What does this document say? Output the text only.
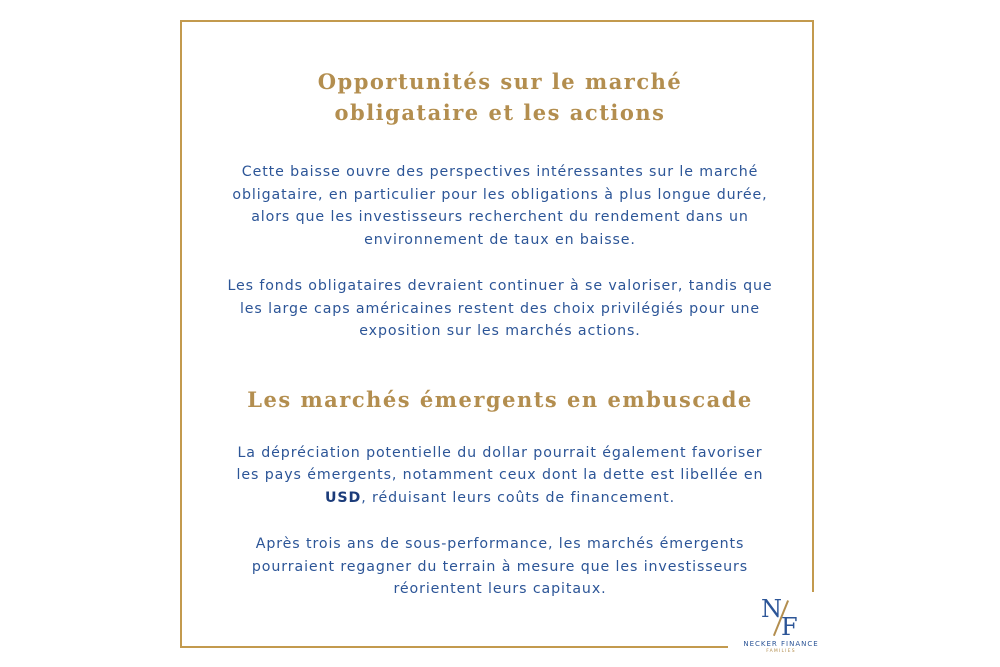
Opportunités sur le marché
obligataire et les actions

Cette baisse ouvre des perspectives intéressantes sur le marché
obligataire, en particulier pour les obligations à plus longue durée,
alors que les investisseurs recherchent du rendement dans un
environnement de taux en baisse.

Les fonds obligataires devraient continuer à se valoriser, tandis que
les large caps américaines restent des choix privilégiés pour une
exposition sur les marchés actions.

Les marchés émergents en embuscade

La dépréciation potentielle du dollar pourrait également favoriser
les pays émergents, notamment ceux dont la dette est libellée en
USD, réduisant leurs coûts de financement.

Après trois ans de sous-performance, les marchés émergents
pourraient regagner du terrain à mesure que les investisseurs
réorientent leurs capitaux.

N
F
NECKER FINANCE
FAMILIES
